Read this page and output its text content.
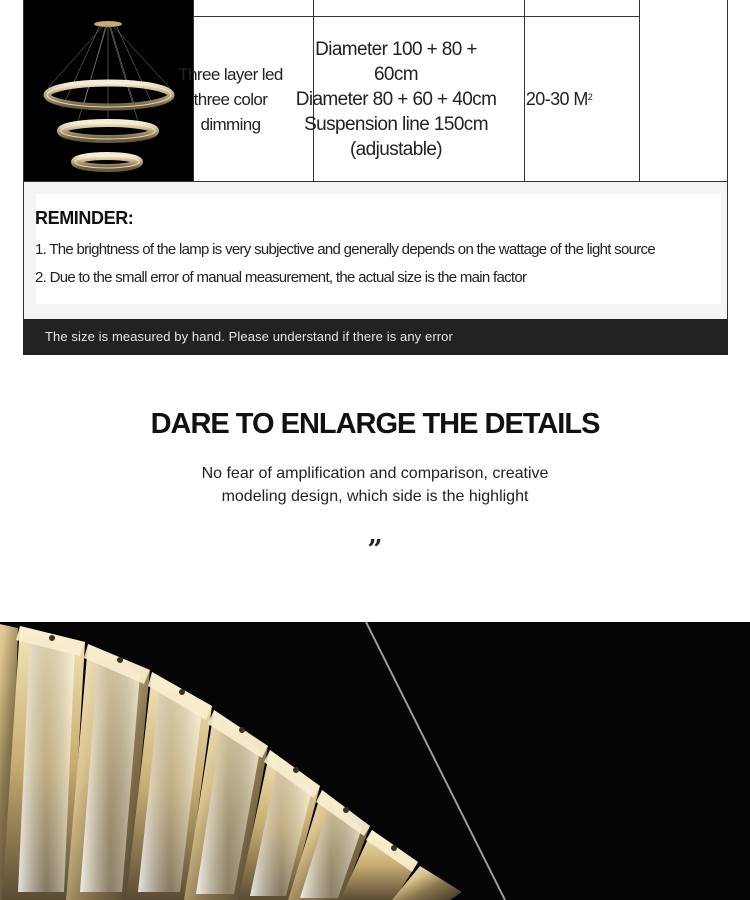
Three layer led
three color
dimming
Diameter 100 + 80 + 60cm
Diameter 80 + 60 + 40cm
Suspension line 150cm
(adjustable)
20-30 $M^2$
REMINDER:
1. The brightness of the lamp is very subjective and generally depends on the wattage of the light source
2. Due to the small error of manual measurement, the actual size is the main factor
The size is measured by hand. Please understand if there is any error
DARE TO ENLARGE THE DETAILS
No fear of amplification and comparison, creative
modeling design, which side is the highlight
”
